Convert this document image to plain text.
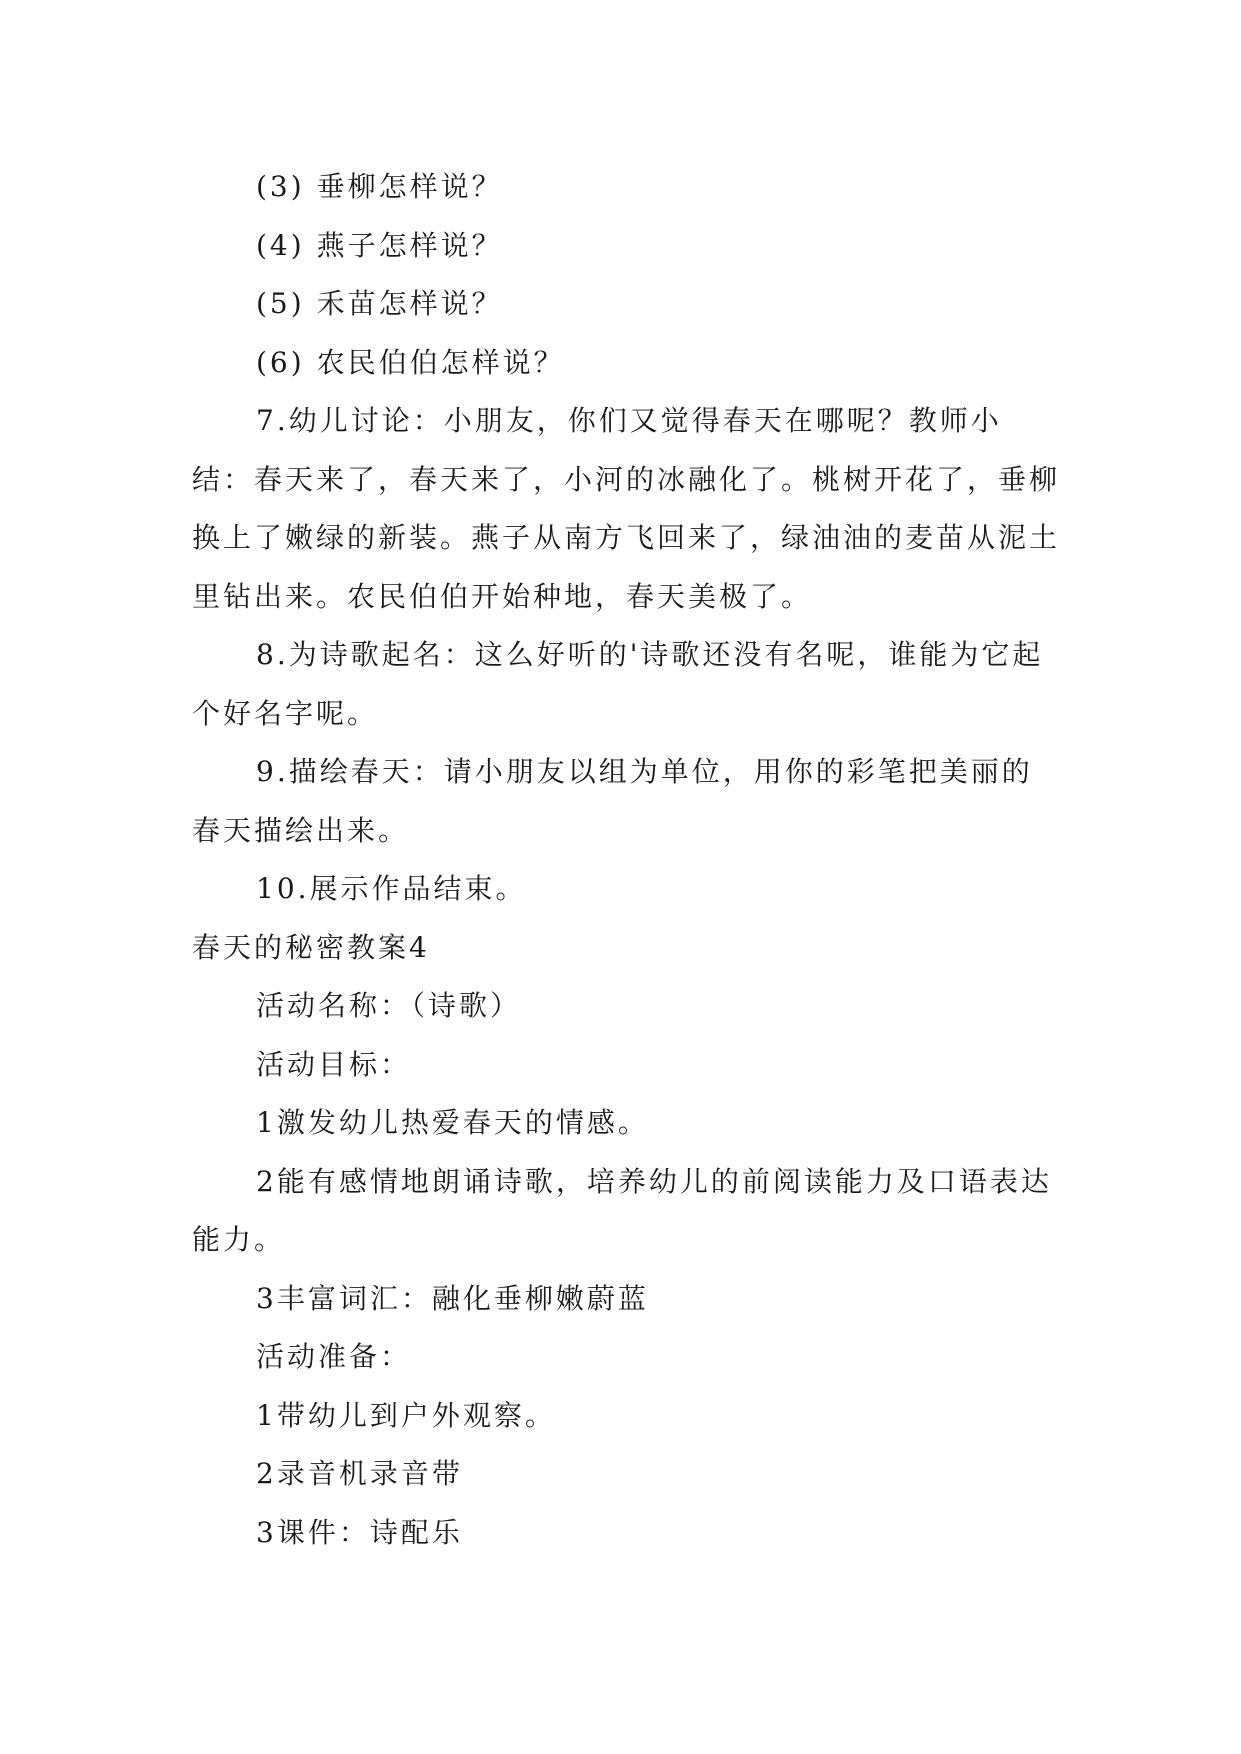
(3) 垂柳怎样说？

(4) 燕子怎样说？

(5) 禾苗怎样说？

(6) 农民伯伯怎样说？

7.幼儿讨论：小朋友，你们又觉得春天在哪呢？教师小结：春天来了，春天来了，小河的冰融化了。桃树开花了，垂柳换上了嫩绿的新装。燕子从南方飞回来了，绿油油的麦苗从泥土里钻出来。农民伯伯开始种地，春天美极了。

8.为诗歌起名：这么好听的'诗歌还没有名呢，谁能为它起个好名字呢。

9.描绘春天：请小朋友以组为单位，用你的彩笔把美丽的春天描绘出来。

10.展示作品结束。

春天的秘密教案4

活动名称：（诗歌）

活动目标：

1激发幼儿热爱春天的情感。

2能有感情地朗诵诗歌，培养幼儿的前阅读能力及口语表达能力。

3丰富词汇：融化垂柳嫩蔚蓝

活动准备：

1带幼儿到户外观察。

2录音机录音带

3课件：诗配乐
